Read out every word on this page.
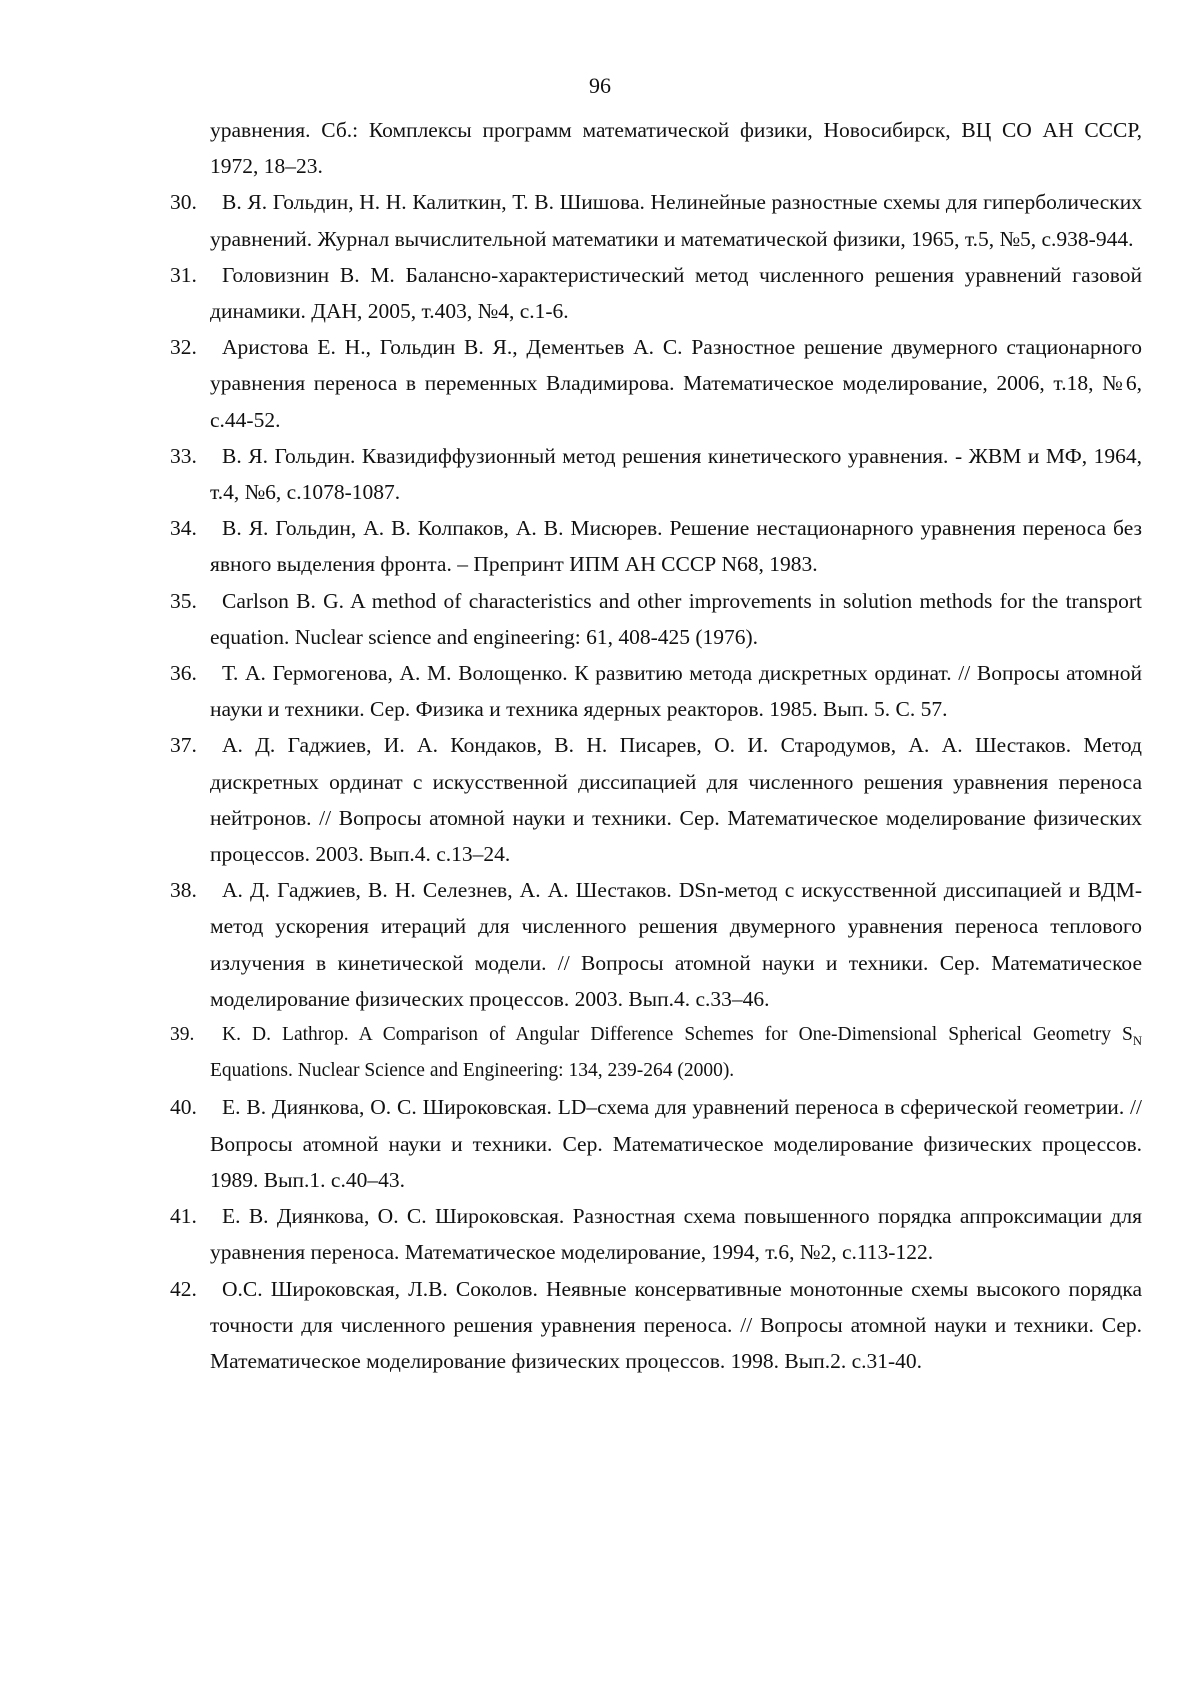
96

уравнения. Сб.: Комплексы программ математической физики, Новосибирск, ВЦ СО АН СССР, 1972, 18–23.

30.	В. Я. Гольдин, Н. Н. Калиткин, Т. В. Шишова. Нелинейные разностные схемы для гиперболических уравнений. Журнал вычислительной математики и математической физики, 1965, т.5, №5, с.938-944.
31.	Головизнин В. М. Балансно-характеристический метод численного решения уравнений газовой динамики. ДАН, 2005, т.403, №4, с.1-6.
32.	Аристова Е. Н., Гольдин В. Я., Дементьев А. С. Разностное решение двумерного стационарного уравнения переноса в переменных Владимирова. Математическое моделирование, 2006, т.18, №6, с.44-52.
33.	В. Я. Гольдин. Квазидиффузионный метод решения кинетического уравнения. - ЖВМ и МФ, 1964, т.4, №6, с.1078-1087.
34.	В. Я. Гольдин, А. В. Колпаков, А. В. Мисюрев. Решение нестационарного уравнения переноса без явного выделения фронта. – Препринт ИПМ АН СССР N68, 1983.
35.	Carlson B. G. A method of characteristics and other improvements in solution methods for the transport equation. Nuclear science and engineering: 61, 408-425 (1976).
36.	Т. А. Гермогенова, А. М. Волощенко. К развитию метода дискретных ординат. // Вопросы атомной науки и техники. Сер. Физика и техника ядерных реакторов. 1985. Вып. 5. С. 57.
37.	А. Д. Гаджиев, И. А. Кондаков, В. Н. Писарев, О. И. Стародумов, А. А. Шестаков. Метод дискретных ординат с искусственной диссипацией для численного решения уравнения переноса нейтронов. // Вопросы атомной науки и техники. Сер. Математическое моделирование физических процессов. 2003. Вып.4. с.13–24.
38.	А. Д. Гаджиев, В. Н. Селезнев, А. А. Шестаков. DSn-метод с искусственной диссипацией и ВДМ-метод ускорения итераций для численного решения двумерного уравнения переноса теплового излучения в кинетической модели. // Вопросы атомной науки и техники. Сер. Математическое моделирование физических процессов. 2003. Вып.4. с.33–46.
39.	K. D. Lathrop. A Comparison of Angular Difference Schemes for One-Dimensional Spherical Geometry $S_N$ Equations. Nuclear Science and Engineering: 134, 239-264 (2000).
40.	Е. В. Диянкова, О. С. Широковская. LD–схема для уравнений переноса в сферической геометрии. // Вопросы атомной науки и техники. Сер. Математическое моделирование физических процессов. 1989. Вып.1. с.40–43.
41.	Е. В. Диянкова, О. С. Широковская. Разностная схема повышенного порядка аппроксимации для уравнения переноса. Математическое моделирование, 1994, т.6, №2, с.113-122.
42.	О.С. Широковская, Л.В. Соколов. Неявные консервативные монотонные схемы высокого порядка точности для численного решения уравнения переноса. // Вопросы атомной науки и техники. Сер. Математическое моделирование физических процессов. 1998. Вып.2. с.31-40.
